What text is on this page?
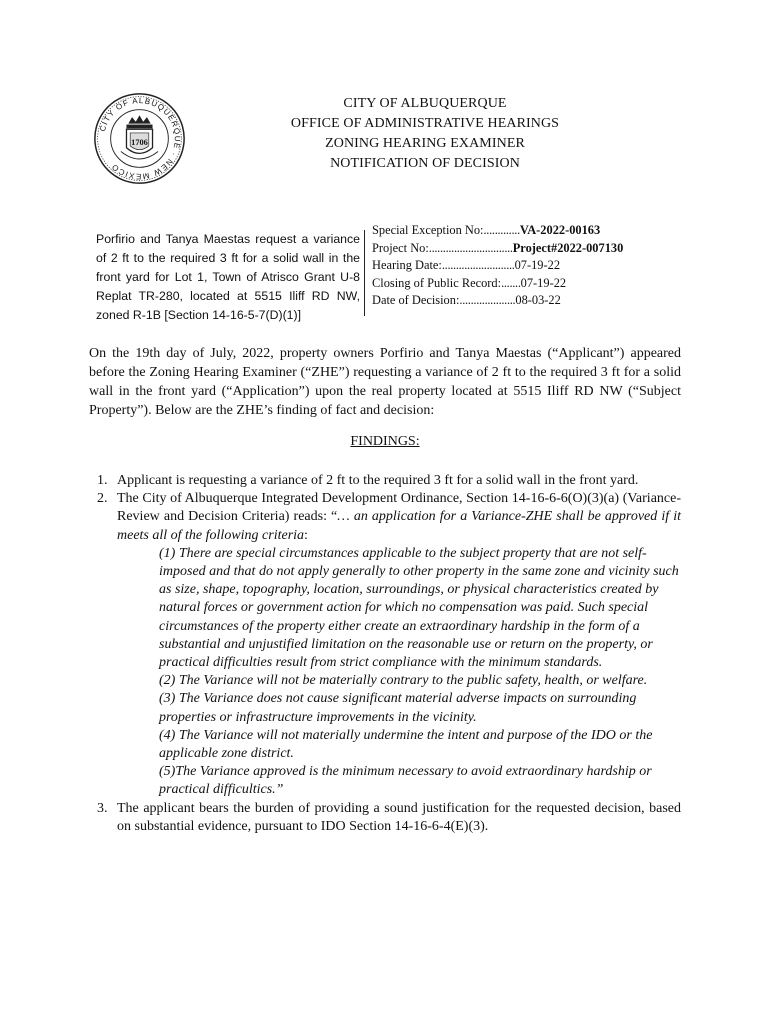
CITY OF ALBUQUERQUE · NEW MEXICO
1706
CITY OF ALBUQUERQUE
OFFICE OF ADMINISTRATIVE HEARINGS
ZONING HEARING EXAMINER
NOTIFICATION OF DECISION
Porfirio and Tanya Maestas request a variance of 2 ft to the required 3 ft for a solid wall in the front yard for Lot 1, Town of Atrisco Grant U-8 Replat TR-280, located at 5515 Iliff RD NW, zoned R-1B [Section 14-16-5-7(D)(1)]
Special Exception No: ............. VA-2022-00163
Project No: .............................. Project#2022-007130
Hearing Date: .......................... 07-19-22
Closing of Public Record: ....... 07-19-22
Date of Decision: .................... 08-03-22
On the 19th day of July, 2022, property owners Porfirio and Tanya Maestas (“Applicant”) appeared before the Zoning Hearing Examiner (“ZHE”) requesting a variance of 2 ft to the required 3 ft for a solid wall in the front yard (“Application”) upon the real property located at 5515 Iliff RD NW (“Subject Property”). Below are the ZHE’s finding of fact and decision:
FINDINGS:
1. Applicant is requesting a variance of 2 ft to the required 3 ft for a solid wall in the front yard.
2. The City of Albuquerque Integrated Development Ordinance, Section 14-16-6-6(O)(3)(a) (Variance-Review and Decision Criteria) reads: “… an application for a Variance-ZHE shall be approved if it meets all of the following criteria:
(1) There are special circumstances applicable to the subject property that are not self-imposed and that do not apply generally to other property in the same zone and vicinity such as size, shape, topography, location, surroundings, or physical characteristics created by natural forces or government action for which no compensation was paid. Such special circumstances of the property either create an extraordinary hardship in the form of a substantial and unjustified limitation on the reasonable use or return on the property, or practical difficulties result from strict compliance with the minimum standards.
(2) The Variance will not be materially contrary to the public safety, health, or welfare.
(3) The Variance does not cause significant material adverse impacts on surrounding properties or infrastructure improvements in the vicinity.
(4) The Variance will not materially undermine the intent and purpose of the IDO or the applicable zone district.
(5)The Variance approved is the minimum necessary to avoid extraordinary hardship or practical difficultics.”
3. The applicant bears the burden of providing a sound justification for the requested decision, based on substantial evidence, pursuant to IDO Section 14-16-6-4(E)(3).
